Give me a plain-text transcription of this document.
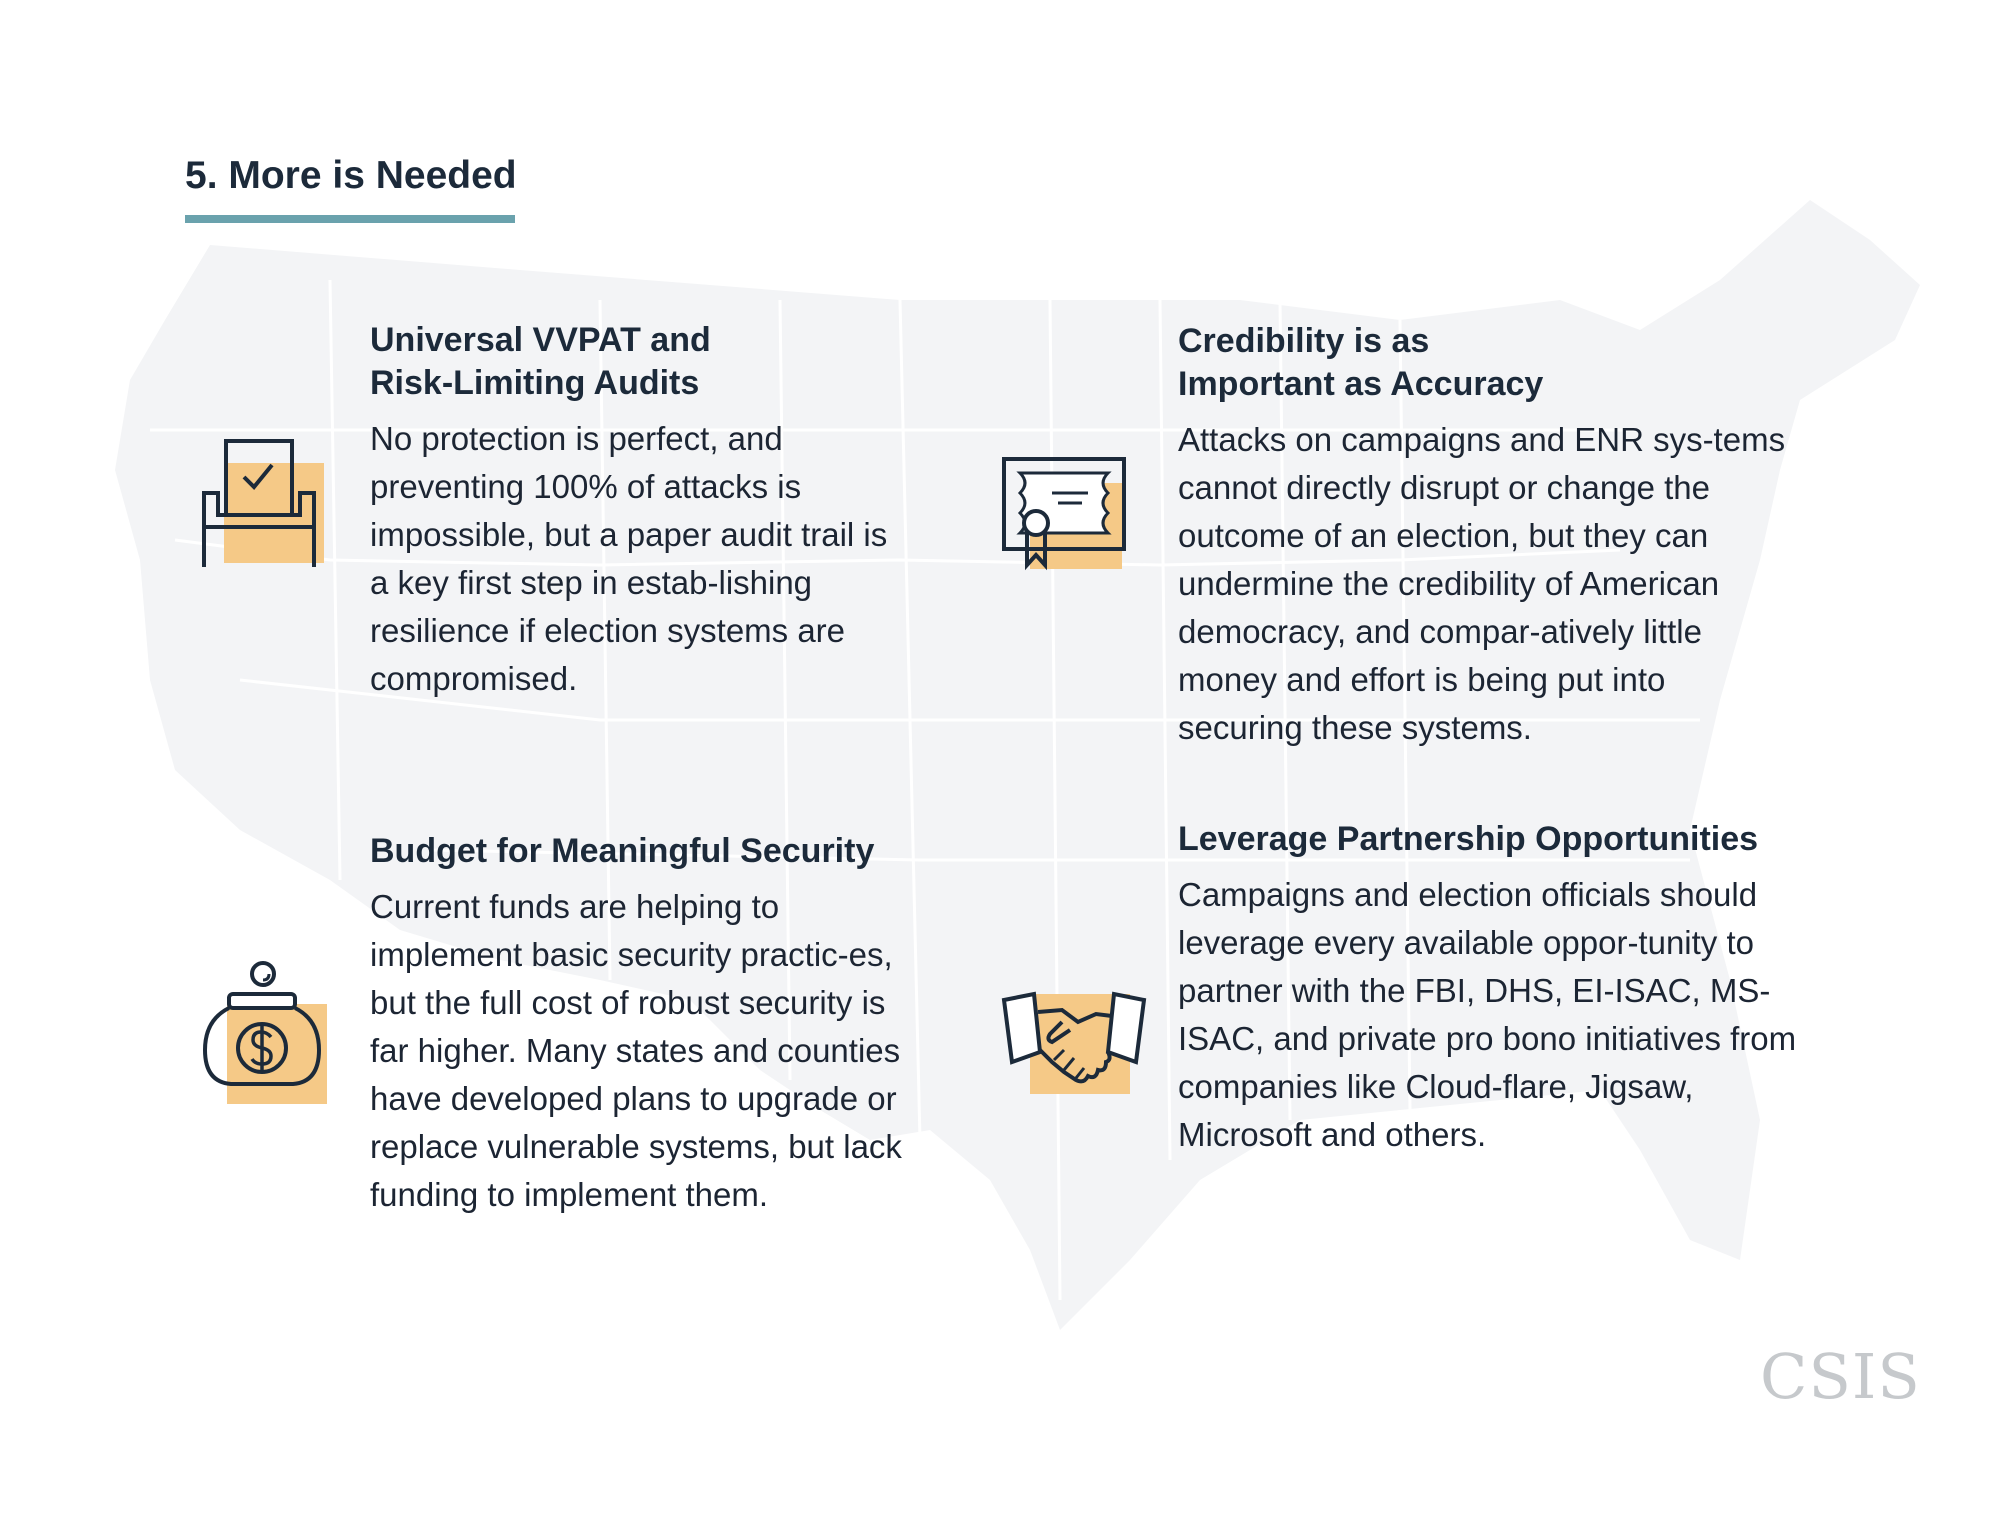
5. More is Needed
Universal VVPAT and
Risk-Limiting Audits

No protection is perfect, and preventing 100% of attacks is impossible, but a paper audit trail is a key first step in estab-lishing resilience if election systems are compromised.

Credibility is as
Important as Accuracy

Attacks on campaigns and ENR sys-tems cannot directly disrupt or change the outcome of an election, but they can undermine the credibility of American democracy, and compar-atively little money and effort is being put into securing these systems.

Budget for Meaningful Security

Current funds are helping to implement basic security practic-es, but the full cost of robust security is far higher. Many states and counties have developed plans to upgrade or replace vulnerable systems, but lack funding to implement them.

Leverage Partnership Opportunities

Campaigns and election officials should leverage every available oppor-tunity to partner with the FBI, DHS, EI-ISAC, MS-ISAC, and private pro bono initiatives from companies like Cloud-flare, Jigsaw, Microsoft and others.

CSIS
